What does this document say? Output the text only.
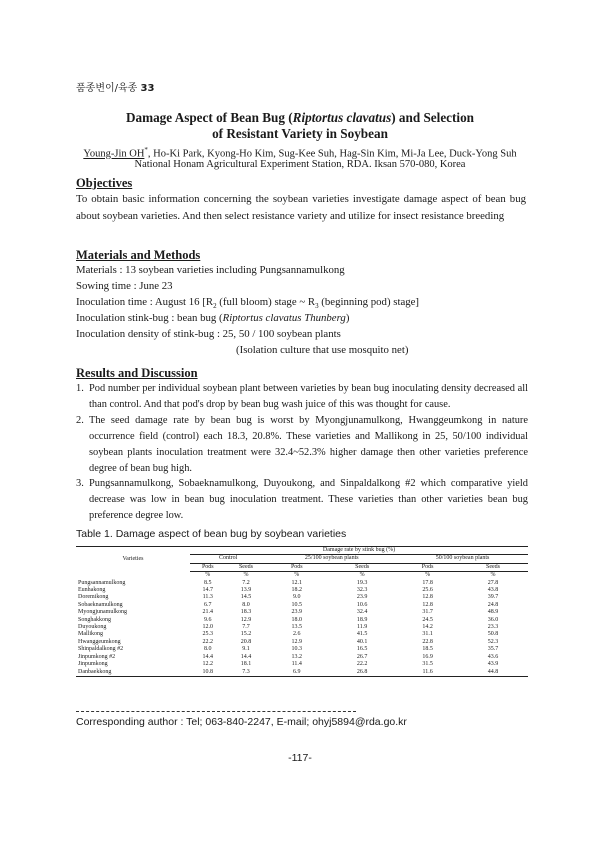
품종변이/육종 33
Damage Aspect of Bean Bug (Riptortus clavatus) and Selection
of Resistant Variety in Soybean
Young-Jin OH*, Ho-Ki Park, Kyong-Ho Kim, Sug-Kee Suh, Hag-Sin Kim, Mi-Ja Lee, Duck-Yong Suh
National Honam Agricultural Experiment Station, RDA. Iksan 570-080, Korea
Objectives
To obtain basic information concerning the soybean varieties investigate damage aspect of bean bug about soybean varieties. And then select resistance variety and utilize for insect resistance breeding
Materials and Methods
Materials : 13 soybean varieties including Pungsannamulkong
Sowing time : June 23
Inoculation time : August 16 [$R_2$ (full bloom) stage ~ $R_3$ (beginning pod) stage]
Inoculation stink-bug : bean bug (Riptortus clavatus Thunberg)
Inoculation density of stink-bug : 25, 50 / 100 soybean plants
(Isolation culture that use mosquito net)
Results and Discussion
1. Pod number per individual soybean plant between varieties by bean bug inoculating density decreased all than control. And that pod's drop by bean bug wash juice of this was thought for cause.
2. The seed damage rate by bean bug is worst by Myongjunamulkong, Hwanggeumkong in nature occurrence field (control) each 18.3, 20.8%. These varieties and Mallikong in 25, 50/100 individual soybean plants inoculation treatment were 32.4~52.3% higher damage then other varieties preference degree of bean bug high.
3. Pungsannamulkong, Sobaeknamulkong, Duyoukong, and Sinpaldalkong #2 which comparative yield decrease was low in bean bug inoculation treatment. These varieties than other varieties bean bug preference degree low.
Table 1. Damage aspect of bean bug by soybean varieties
Varieties	Damage rate by stink bug (%)					
	Control		25/100 soybean plants		50/100 soybean plants	
	Pods	Seeds	Pods	Seeds	Pods	Seeds
	%	%	%	%	%	%
Pungsannamulkong	8.5	7.2	12.1	19.3	17.8	27.8
Eunhakong	14.7	13.9	18.2	32.3	25.6	43.8
Doremikong	11.3	14.5	9.0	23.9	12.8	39.7
Sobaeknamulkong	6.7	8.0	10.5	10.6	12.8	24.8
Myongjunamulkong	21.4	18.3	23.9	32.4	31.7	48.9
Songhakkong	9.6	12.9	18.0	18.9	24.5	36.0
Duyoukong	12.0	7.7	13.5	11.9	14.2	23.3
Mallikong	25.3	15.2	2.6	41.5	31.1	50.8
Hwanggeumkong	22.2	20.8	12.9	40.1	22.8	52.3
Shinpaldalkong #2	8.0	9.1	10.3	16.5	18.5	35.7
Jinpumkong #2	14.4	14.4	13.2	26.7	16.9	43.6
Jinpumkong	12.2	18.1	11.4	22.2	31.5	43.9
Danbaekkong	10.8	7.3	6.9	26.8	11.6	44.8
Corresponding author : Tel; 063-840-2247, E-mail; ohyj5894@rda.go.kr
-117-
